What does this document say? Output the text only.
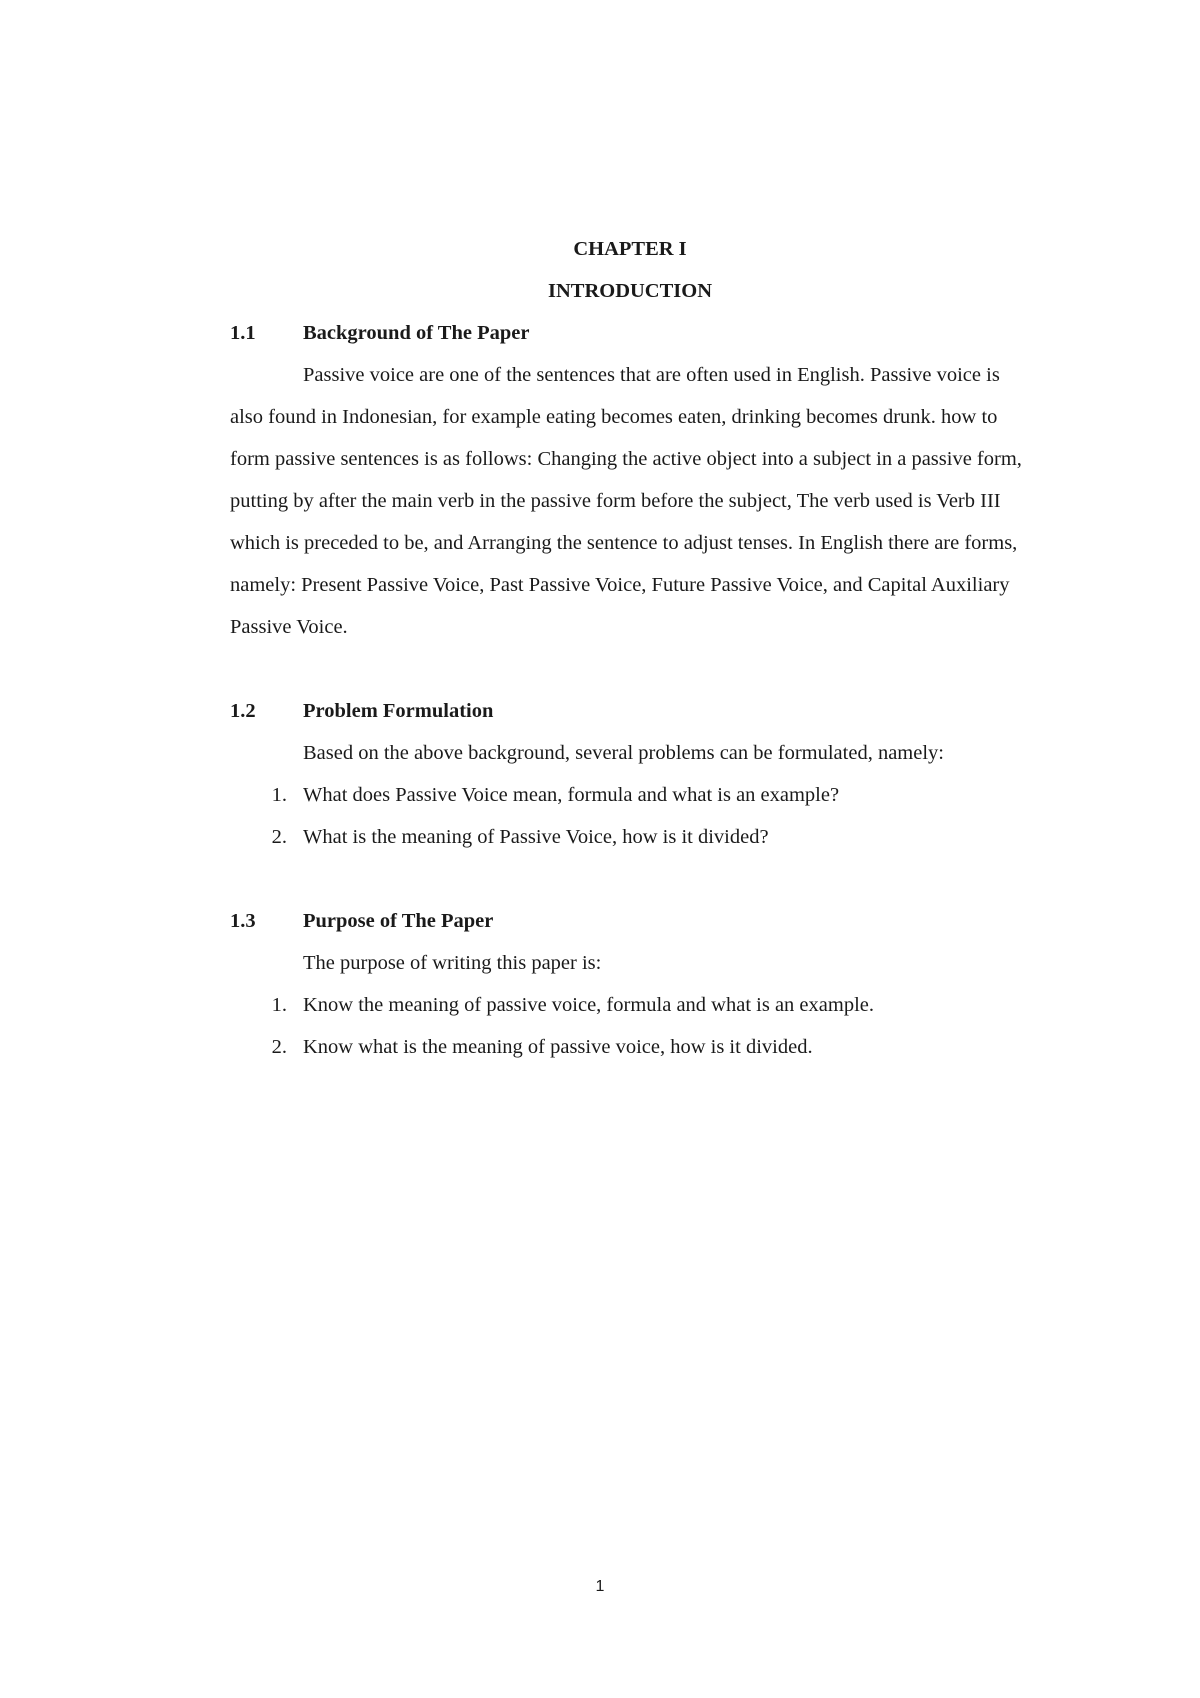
CHAPTER I

INTRODUCTION

1.1	Background of The Paper

Passive voice are one of the sentences that are often used in English. Passive voice is also found in Indonesian, for example eating becomes eaten, drinking becomes drunk. how to form passive sentences is as follows: Changing the active object into a subject in a passive form, putting by after the main verb in the passive form before the subject, The verb used is Verb III which is preceded to be, and Arranging the sentence to adjust tenses. In English there are forms, namely: Present Passive Voice, Past Passive Voice, Future Passive Voice, and Capital Auxiliary Passive Voice.

1.2	Problem Formulation

Based on the above background, several problems can be formulated, namely:

1. What does Passive Voice mean, formula and what is an example?
2. What is the meaning of Passive Voice, how is it divided?
1.3	Purpose of The Paper

The purpose of writing this paper is:

1. Know the meaning of passive voice, formula and what is an example.
2. Know what is the meaning of passive voice, how is it divided.
1
